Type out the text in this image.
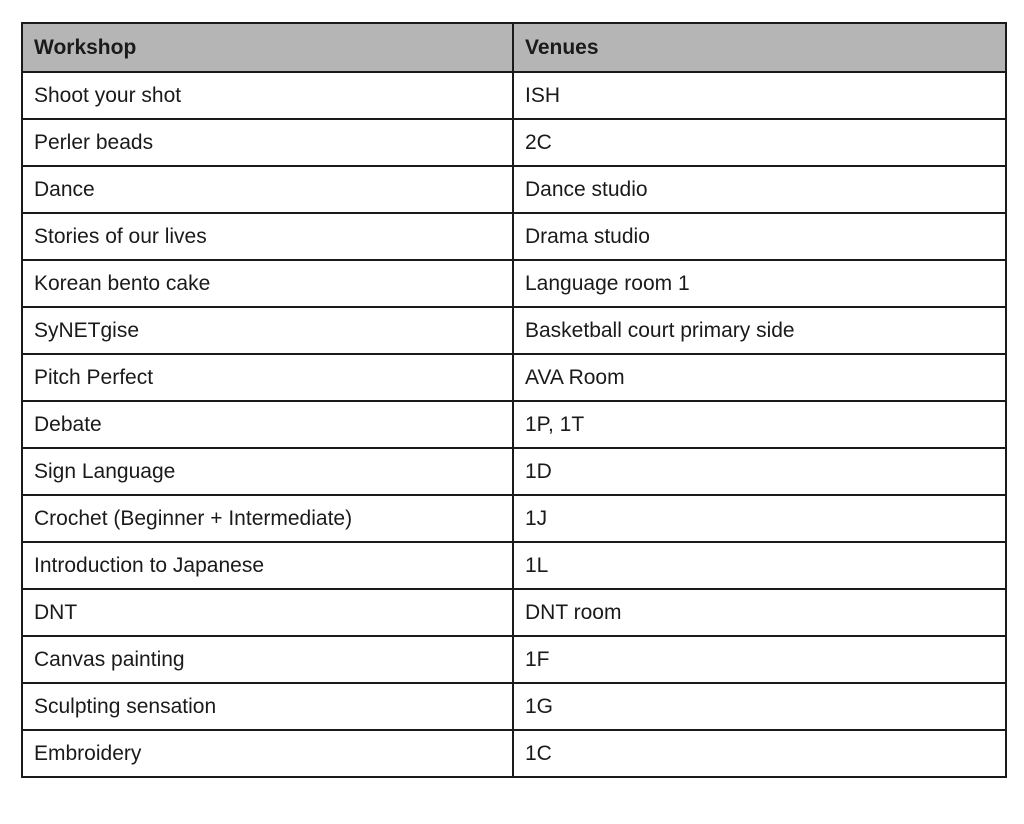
Workshop	Venues
Shoot your shot	ISH
Perler beads	2C
Dance	Dance studio
Stories of our lives	Drama studio
Korean bento cake	Language room 1
SyNETgise	Basketball court primary side
Pitch Perfect	AVA Room
Debate	1P, 1T
Sign Language	1D
Crochet (Beginner + Intermediate)	1J
Introduction to Japanese	1L
DNT	DNT room
Canvas painting	1F
Sculpting sensation	1G
Embroidery	1C
